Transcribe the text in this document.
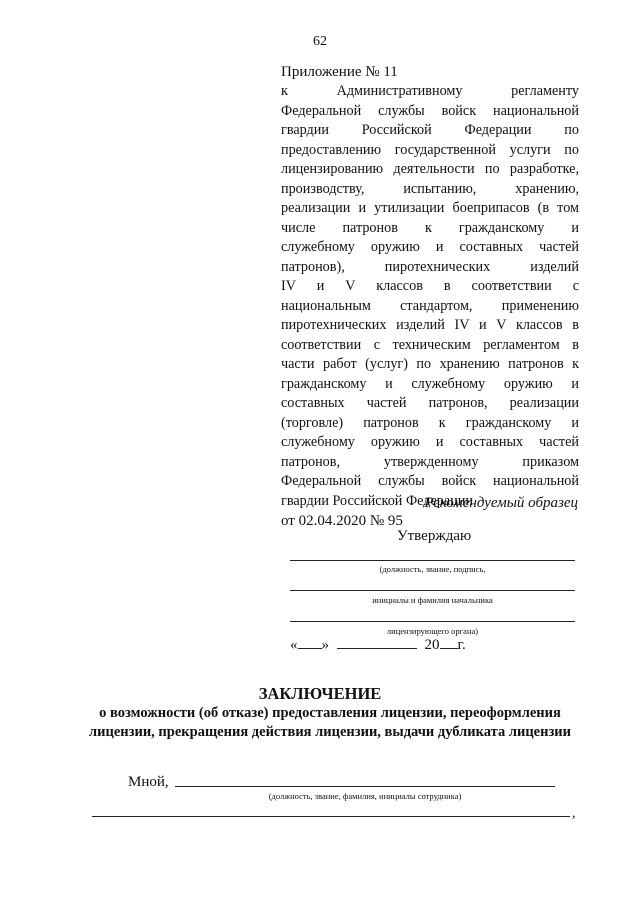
62
Приложение № 11
к Административному регламенту
Федеральной службы войск национальной
гвардии Российской Федерации по
предоставлению государственной услуги по
лицензированию деятельности по разработке,
производству, испытанию, хранению,
реализации и утилизации боеприпасов (в том
числе патронов к гражданскому и
служебному оружию и составных частей
патронов), пиротехнических изделий
IV и V классов в соответствии с
национальным стандартом, применению
пиротехнических изделий IV и V классов в
соответствии с техническим регламентом в
части работ (услуг) по хранению патронов к
гражданскому и служебному оружию и
составных частей патронов, реализации
(торговле) патронов к гражданскому и
служебному оружию и составных частей
патронов, утвержденному приказом
Федеральной службы войск национальной
гвардии Российской Федерации
от 02.04.2020 № 95
Рекомендуемый образец
Утверждаю
(должность, звание, подпись,
инициалы и фамилия начальника
лицензирующего органа)
« »	20 г.
ЗАКЛЮЧЕНИЕ
о возможности (об отказе) предоставления лицензии, переоформления лицензии, прекращения действия лицензии, выдачи дубликата лицензии
Мной,
(должность, звание, фамилия, инициалы сотрудника)
,
